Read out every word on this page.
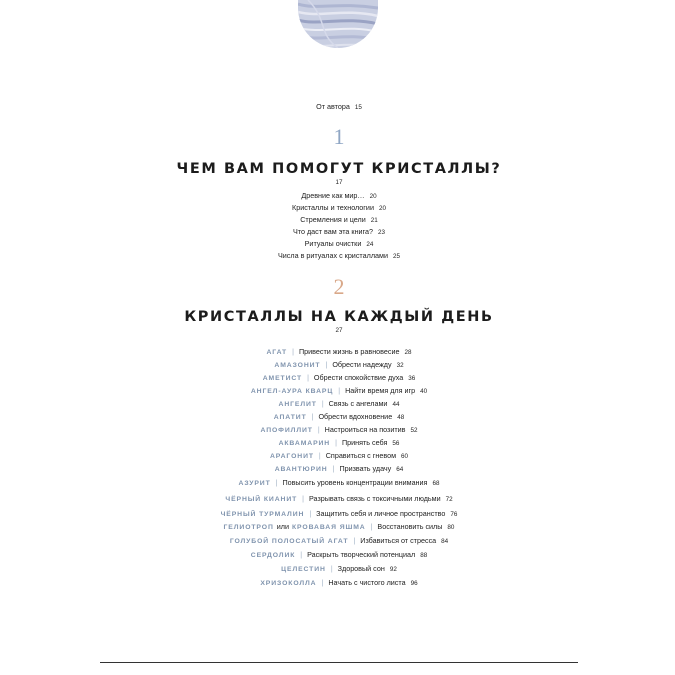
От автора 15
1
ЧЕМ ВАМ ПОМОГУТ КРИСТАЛЛЫ?
17
Древние как мир… 20
Кристаллы и технологии 20
Стремления и цели 21
Что даст вам эта книга? 23
Ритуалы очистки 24
Числа в ритуалах с кристаллами 25
2
КРИСТАЛЛЫ НА КАЖДЫЙ ДЕНЬ
27
АГАТ | Привести жизнь в равновесие 28
АМАЗОНИТ | Обрести надежду 32
АМЕТИСТ | Обрести спокойствие духа 36
АНГЕЛ-АУРА КВАРЦ | Найти время для игр 40
АНГЕЛИТ | Связь с ангелами 44
АПАТИТ | Обрести вдохновение 48
АПОФИЛЛИТ | Настроиться на позитив 52
АКВАМАРИН | Принять себя 56
АРАГОНИТ | Справиться с гневом 60
АВАНТЮРИН | Призвать удачу 64
АЗУРИТ | Повысить уровень концентрации внимания 68
ЧЁРНЫЙ КИАНИТ | Разрывать связь с токсичными людьми 72
ЧЁРНЫЙ ТУРМАЛИН | Защитить себя и личное пространство 76
ГЕЛИОТРОП или КРОВАВАЯ ЯШМА | Восстановить силы 80
ГОЛУБОЙ ПОЛОСАТЫЙ АГАТ | Избавиться от стресса 84
СЕРДОЛИК | Раскрыть творческий потенциал 88
ЦЕЛЕСТИН | Здоровый сон 92
ХРИЗОКОЛЛА | Начать с чистого листа 96
